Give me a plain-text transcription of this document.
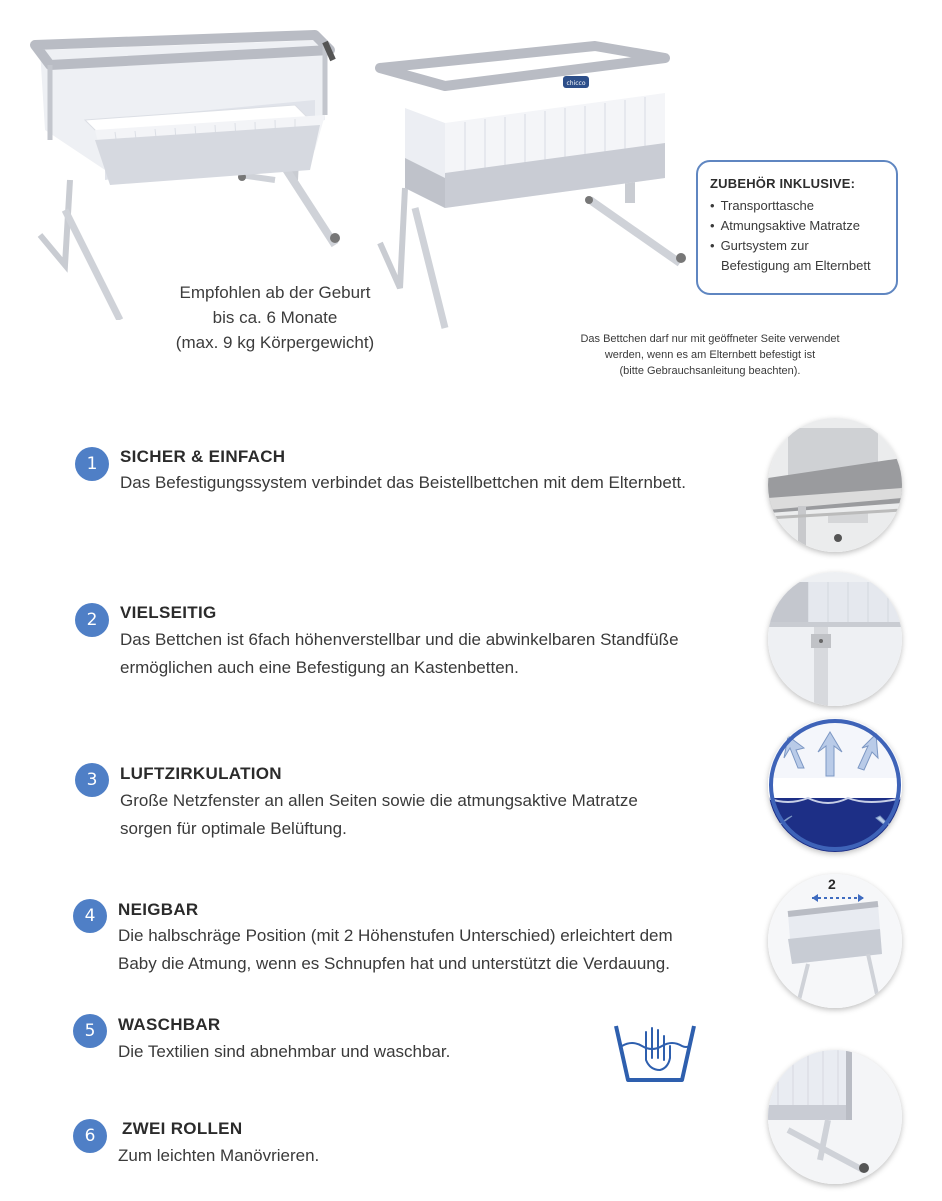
chicco
Empfohlen ab der Geburt
bis ca. 6 Monate
(max. 9 kg Körpergewicht)
ZUBEHÖR INKLUSIVE:
• Transporttasche
• Atmungsaktive Matratze
• Gurtsystem zur
Befestigung am Elternbett
Das Bettchen darf nur mit geöffneter Seite verwendet
werden, wenn es am Elternbett befestigt ist
(bitte Gebrauchsanleitung beachten).
1	SICHER & EINFACH
Das Befestigungssystem verbindet das Beistellbettchen mit dem Elternbett.
2	VIELSEITIG
Das Bettchen ist 6fach höhenverstellbar und die abwinkelbaren Standfüße
ermöglichen auch eine Befestigung an Kastenbetten.
3	LUFTZIRKULATION
Große Netzfenster an allen Seiten sowie die atmungsaktive Matratze
sorgen für optimale Belüftung.
4	NEIGBAR
Die halbschräge Position (mit 2 Höhenstufen Unterschied) erleichtert dem
Baby die Atmung, wenn es Schnupfen hat und unterstützt die Verdauung.
2
5	WASCHBAR
Die Textilien sind abnehmbar und waschbar.
6	ZWEI ROLLEN
Zum leichten Manövrieren.
